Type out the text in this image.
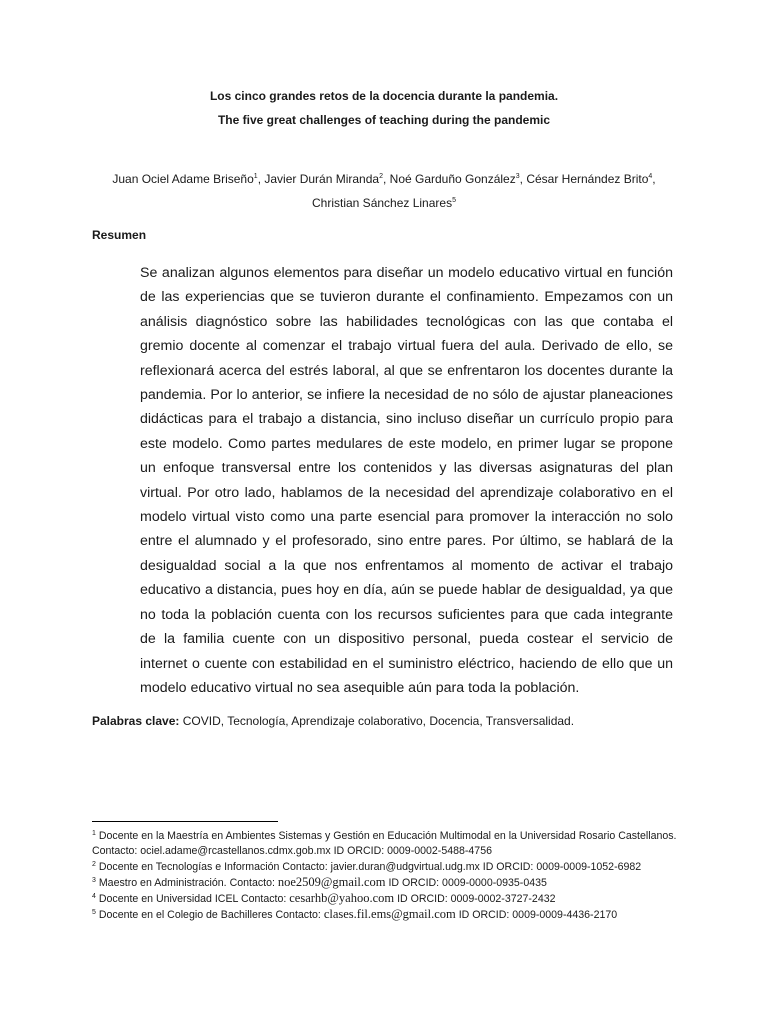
Los cinco grandes retos de la docencia durante la pandemia.
The five great challenges of teaching during the pandemic
Juan Ociel Adame Briseño$^1$, Javier Durán Miranda$^2$, Noé Garduño González$^3$, César Hernández Brito$^4$,
Christian Sánchez Linares$^5$
Resumen

Se analizan algunos elementos para diseñar un modelo educativo virtual en función de las experiencias que se tuvieron durante el confinamiento. Empezamos con un análisis diagnóstico sobre las habilidades tecnológicas con las que contaba el gremio docente al comenzar el trabajo virtual fuera del aula. Derivado de ello, se reflexionará acerca del estrés laboral, al que se enfrentaron los docentes durante la pandemia. Por lo anterior, se infiere la necesidad de no sólo de ajustar planeaciones didácticas para el trabajo a distancia, sino incluso diseñar un currículo propio para este modelo. Como partes medulares de este modelo, en primer lugar se propone un enfoque transversal entre los contenidos y las diversas asignaturas del plan virtual. Por otro lado, hablamos de la necesidad del aprendizaje colaborativo en el modelo virtual visto como una parte esencial para promover la interacción no solo entre el alumnado y el profesorado, sino entre pares. Por último, se hablará de la desigualdad social a la que nos enfrentamos al momento de activar el trabajo educativo a distancia, pues hoy en día, aún se puede hablar de desigualdad, ya que no toda la población cuenta con los recursos suficientes para que cada integrante de la familia cuente con un dispositivo personal, pueda costear el servicio de internet o cuente con estabilidad en el suministro eléctrico, haciendo de ello que un modelo educativo virtual no sea asequible aún para toda la población.

Palabras clave: COVID, Tecnología, Aprendizaje colaborativo, Docencia, Transversalidad.
$^1$ Docente en la Maestría en Ambientes Sistemas y Gestión en Educación Multimodal en la Universidad Rosario Castellanos. Contacto: ociel.adame@rcastellanos.cdmx.gob.mx ID ORCID: 0009-0002-5488-4756
$^2$ Docente en Tecnologías e Información Contacto: javier.duran@udgvirtual.udg.mx ID ORCID: 0009-0009-1052-6982
$^3$ Maestro en Administración. Contacto: noe2509@gmail.com ID ORCID: 0009-0000-0935-0435
$^4$ Docente en Universidad ICEL Contacto: cesarhb@yahoo.com ID ORCID: 0009-0002-3727-2432
$^5$ Docente en el Colegio de Bachilleres Contacto: clases.fil.ems@gmail.com ID ORCID: 0009-0009-4436-2170
